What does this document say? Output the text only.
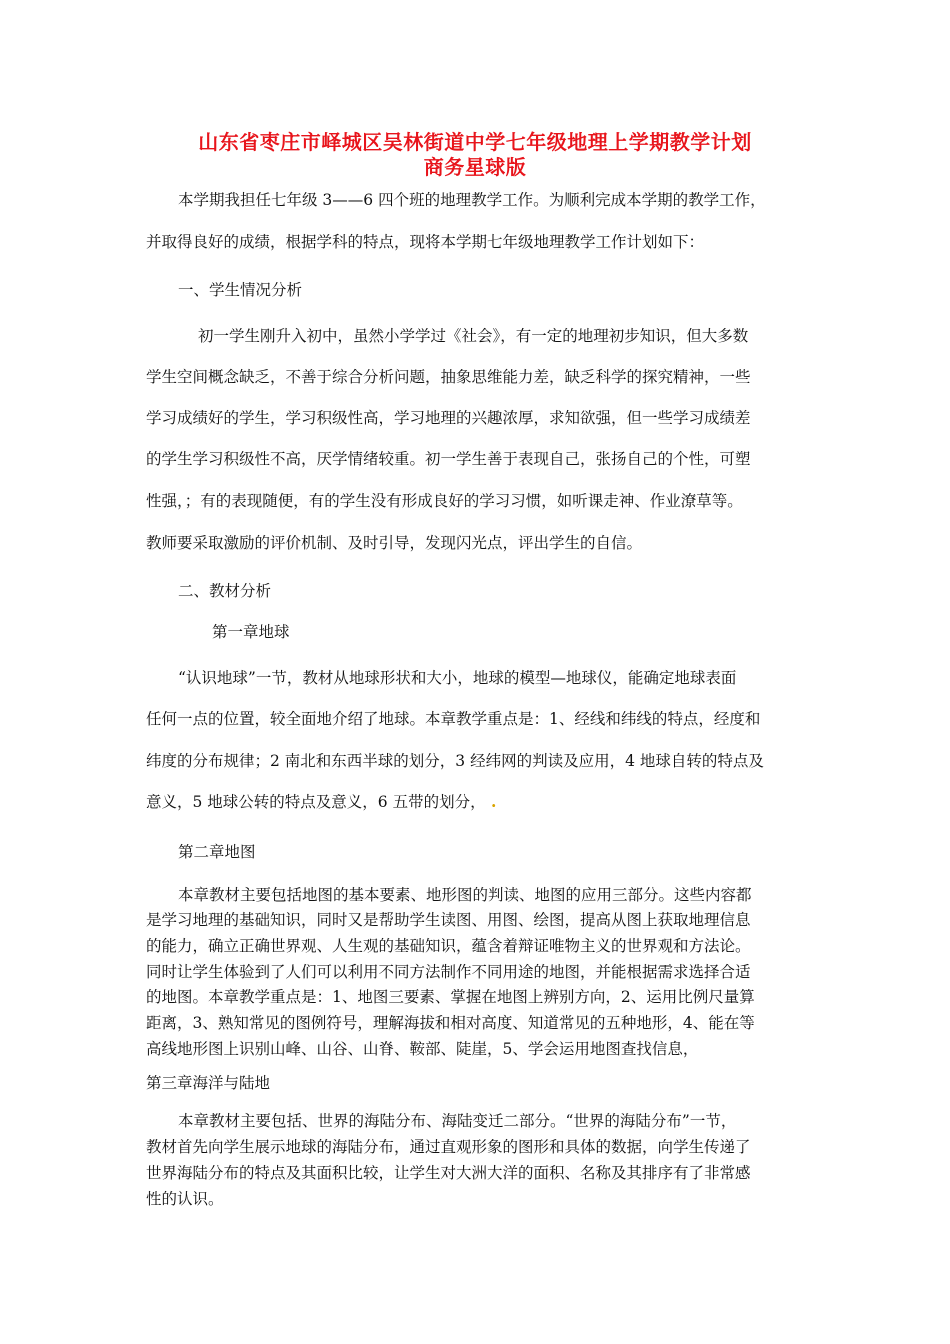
山东省枣庄市峄城区吴林街道中学七年级地理上学期教学计划
商务星球版
本学期我担任七年级 3——6 四个班的地理教学工作。为顺利完成本学期的教学工作，
并取得良好的成绩，根据学科的特点，现将本学期七年级地理教学工作计划如下：
一、学生情况分析
初一学生刚升入初中，虽然小学学过《社会》，有一定的地理初步知识，但大多数
学生空间概念缺乏，不善于综合分析问题，抽象思维能力差，缺乏科学的探究精神，一些
学习成绩好的学生，学习积级性高，学习地理的兴趣浓厚，求知欲强，但一些学习成绩差
的学生学习积级性不高，厌学情绪较重。初一学生善于表现自己，张扬自己的个性，可塑
性强，；有的表现随便，有的学生没有形成良好的学习习惯，如听课走神、作业潦草等。
教师要采取激励的评价机制、及时引导，发现闪光点，评出学生的自信。
二、教材分析
第一章地球
“认识地球”一节，教材从地球形状和大小，地球的模型—地球仪，能确定地球表面
任何一点的位置，较全面地介绍了地球。本章教学重点是：1、经线和纬线的特点，经度和
纬度的分布规律；2 南北和东西半球的划分，3 经纬网的判读及应用，4 地球自转的特点及
意义，5 地球公转的特点及意义，6 五带的划分， .
第二章地图
本章教材主要包括地图的基本要素、地形图的判读、地图的应用三部分。这些内容都
是学习地理的基础知识，同时又是帮助学生读图、用图、绘图，提高从图上获取地理信息
的能力，确立正确世界观、人生观的基础知识，蕴含着辩证唯物主义的世界观和方法论。
同时让学生体验到了人们可以利用不同方法制作不同用途的地图，并能根据需求选择合适
的地图。本章教学重点是：1、地图三要素、掌握在地图上辨别方向，2、运用比例尺量算
距离，3、熟知常见的图例符号，理解海拔和相对高度、知道常见的五种地形，4、能在等
高线地形图上识别山峰、山谷、山脊、鞍部、陡崖，5、学会运用地图查找信息，
第三章海洋与陆地
本章教材主要包括、世界的海陆分布、海陆变迁二部分。“世界的海陆分布”一节，
教材首先向学生展示地球的海陆分布，通过直观形象的图形和具体的数据，向学生传递了
世界海陆分布的特点及其面积比较，让学生对大洲大洋的面积、名称及其排序有了非常感
性的认识。
